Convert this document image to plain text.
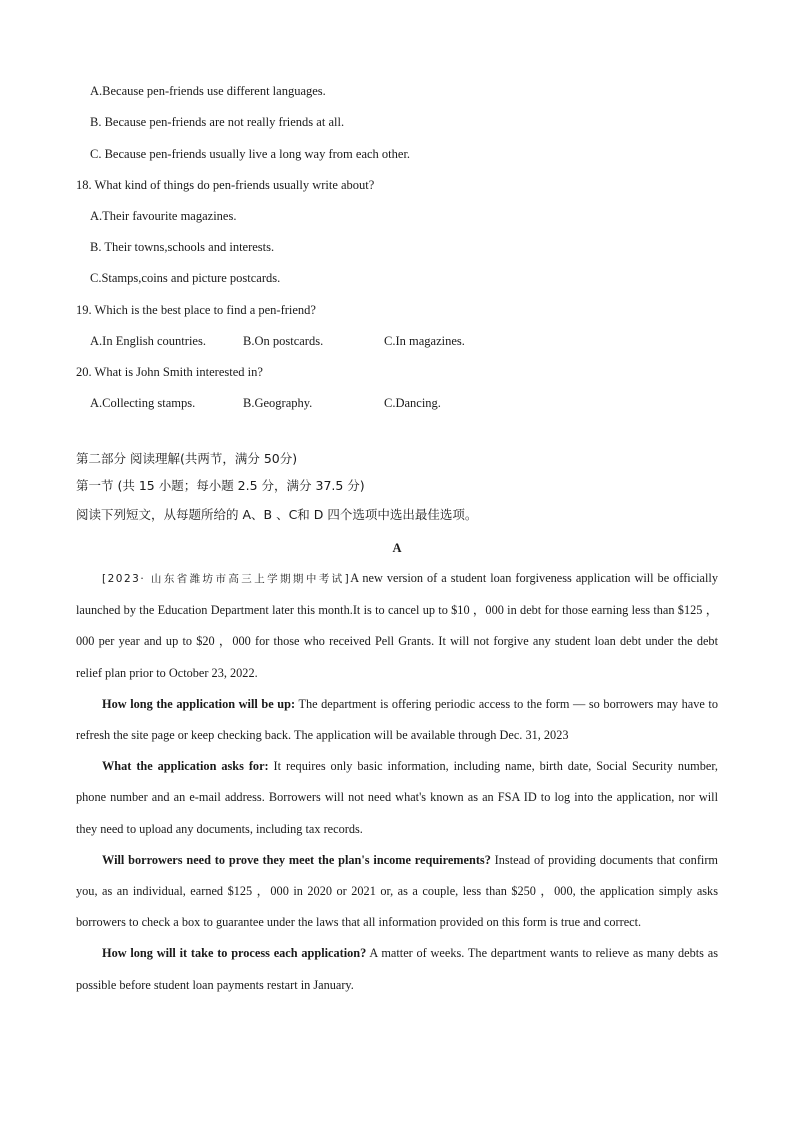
A.Because pen-friends use different languages.
B. Because pen-friends are not really friends at all.
C. Because pen-friends usually live a long way from each other.
18. What kind of things do pen-friends usually write about?
A.Their favourite magazines.
B. Their towns,schools and interests.
C.Stamps,coins and picture postcards.
19. Which is the best place to find a pen-friend?
A.In English countries.	B.On postcards.	C.In magazines.
20. What is John Smith interested in?
A.Collecting stamps.	B.Geography.	C.Dancing.
第二部分 阅读理解(共两节，满分 50分)
第一节 (共 15 小题；每小题 2.5 分，满分 37.5 分)
阅读下列短文，从每题所给的 A、B 、C和 D 四个选项中选出最佳选项。
A

[2023· 山东省潍坊市高三上学期期中考试]A new version of a student loan forgiveness application will be officially launched by the Education Department later this month.It is to cancel up to $10 ，000 in debt for those earning less than $125 ，000 per year and up to $20 ，000 for those who received Pell Grants. It will not forgive any student loan debt under the debt relief plan prior to October 23, 2022.

How long the application will be up: The department is offering periodic access to the form — so borrowers may have to refresh the site page or keep checking back. The application will be available through Dec. 31, 2023

What the application asks for: It requires only basic information, including name, birth date, Social Security number, phone number and an e-mail address. Borrowers will not need what's known as an FSA ID to log into the application, nor will they need to upload any documents, including tax records.

Will borrowers need to prove they meet the plan's income requirements? Instead of providing documents that confirm you, as an individual, earned $125 ，000 in 2020 or 2021 or, as a couple, less than $250 ，000, the application simply asks borrowers to check a box to guarantee under the laws that all information provided on this form is true and correct.

How long will it take to process each application? A matter of weeks. The department wants to relieve as many debts as possible before student loan payments restart in January.
